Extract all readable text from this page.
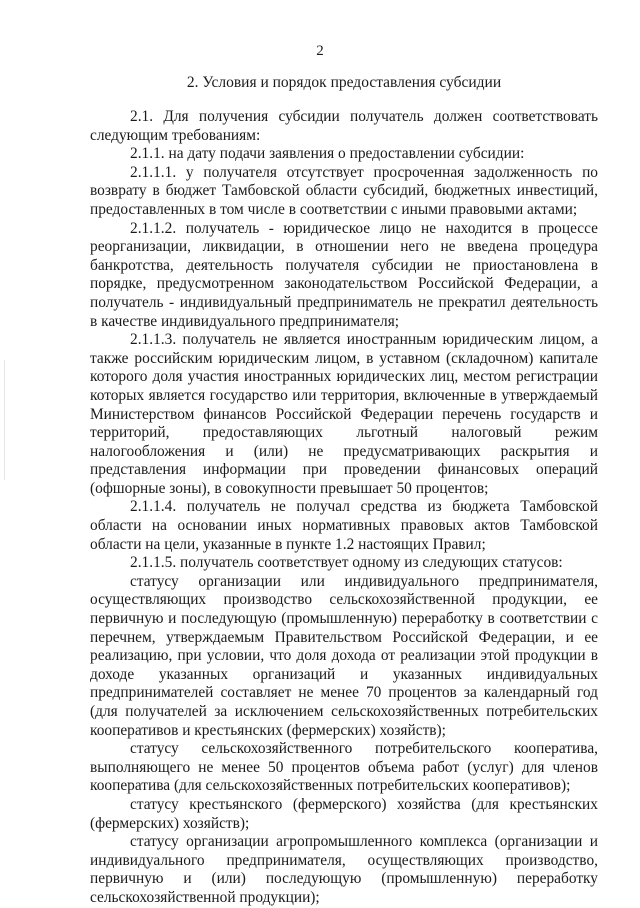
2
2. Условия и порядок предоставления субсидии

2.1. Для получения субсидии получатель должен соответствовать следующим требованиям:

2.1.1. на дату подачи заявления о предоставлении субсидии:

2.1.1.1. у получателя отсутствует просроченная задолженность по возврату в бюджет Тамбовской области субсидий, бюджетных инвестиций, предоставленных в том числе в соответствии с иными правовыми актами;

2.1.1.2. получатель - юридическое лицо не находится в процессе реорганизации, ликвидации, в отношении него не введена процедура банкротства, деятельность получателя субсидии не приостановлена в порядке, предусмотренном законодательством Российской Федерации, а получатель - индивидуальный предприниматель не прекратил деятельность в качестве индивидуального предпринимателя;

2.1.1.3. получатель не является иностранным юридическим лицом, а также российским юридическим лицом, в уставном (складочном) капитале которого доля участия иностранных юридических лиц, местом регистрации которых является государство или территория, включенные в утверждаемый Министерством финансов Российской Федерации перечень государств и территорий, предоставляющих льготный налоговый режим налогообложения и (или) не предусматривающих раскрытия и представления информации при проведении финансовых операций (офшорные зоны), в совокупности превышает 50 процентов;

2.1.1.4. получатель не получал средства из бюджета Тамбовской области на основании иных нормативных правовых актов Тамбовской области на цели, указанные в пункте 1.2 настоящих Правил;

2.1.1.5. получатель соответствует одному из следующих статусов:

статусу организации или индивидуального предпринимателя, осуществляющих производство сельскохозяйственной продукции, ее первичную и последующую (промышленную) переработку в соответствии с перечнем, утверждаемым Правительством Российской Федерации, и ее реализацию, при условии, что доля дохода от реализации этой продукции в доходе указанных организаций и указанных индивидуальных предпринимателей составляет не менее 70 процентов за календарный год (для получателей за исключением сельскохозяйственных потребительских кооперативов и крестьянских (фермерских) хозяйств);

статусу сельскохозяйственного потребительского кооператива, выполняющего не менее 50 процентов объема работ (услуг) для членов кооператива (для сельскохозяйственных потребительских кооперативов);

статусу крестьянского (фермерского) хозяйства (для крестьянских (фермерских) хозяйств);

статусу организации агропромышленного комплекса (организации и индивидуального предпринимателя, осуществляющих производство, первичную и (или) последующую (промышленную) переработку сельскохозяйственной продукции);
